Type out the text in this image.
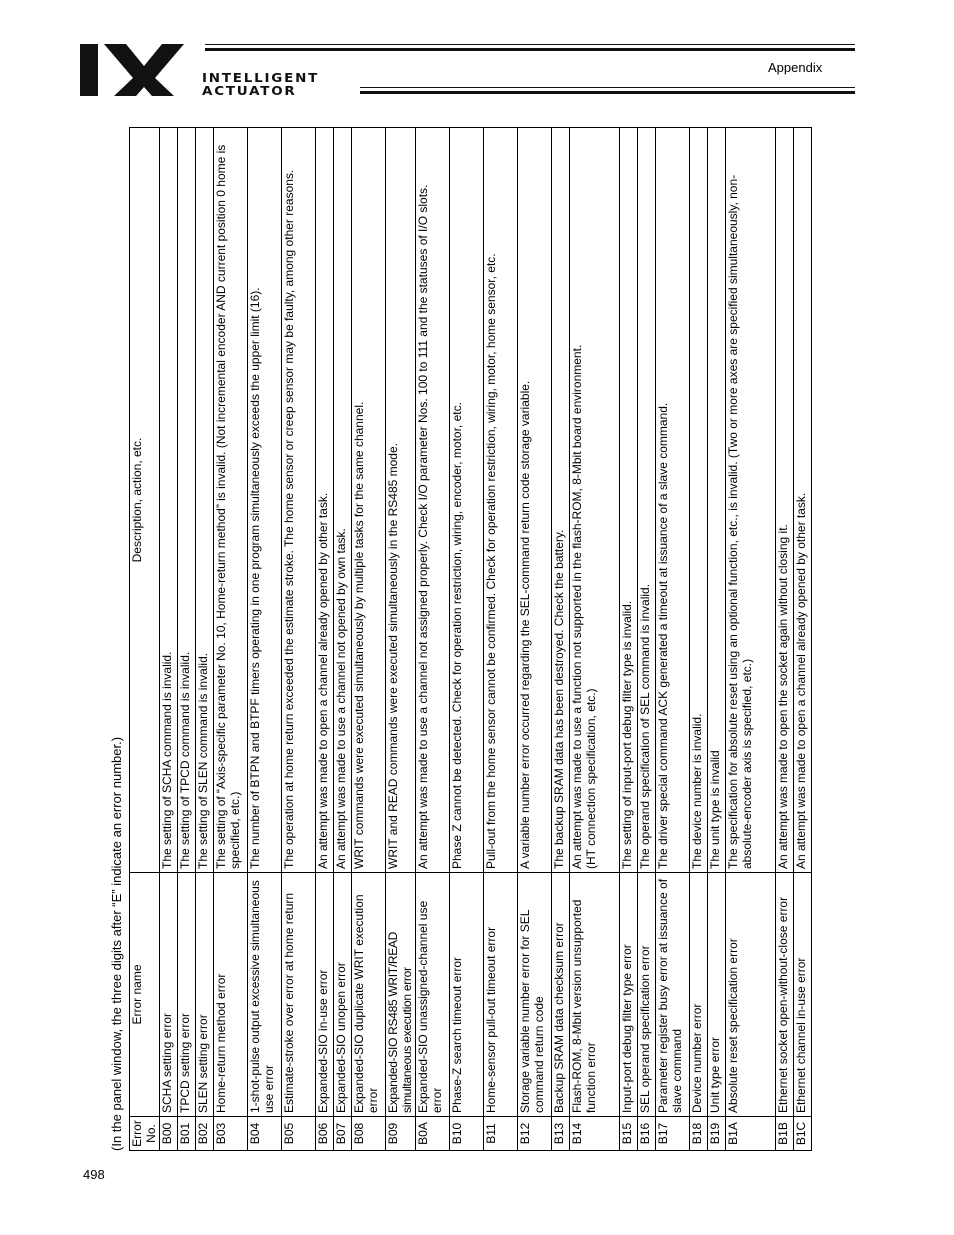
INTELLIGENT
ACTUATOR
Appendix
498
(In the panel window, the three digits after “E” indicate an error number.) Error No.	Error name	Description, action, etc.
B00	SCHA setting error	The setting of SCHA command is invalid.
B01	TPCD setting error	The setting of TPCD command is invalid.
B02	SLEN setting error	The setting of SLEN command is invalid.
B03	Home-return method error	The setting of “Axis-specific parameter No. 10, Home-return method” is invalid. (Not incremental encoder AND current position 0 home is specified, etc.)
B04	1-shot-pulse output excessive simultaneous use error	The number of BTPN and BTPF timers operating in one program simultaneously exceeds the upper limit (16).
B05	Estimate-stroke over error at home return	The operation at home return exceeded the estimate stroke. The home sensor or creep sensor may be faulty, among other reasons.
B06	Expanded-SIO in-use error	An attempt was made to open a channel already opened by other task.
B07	Expanded-SIO unopen error	An attempt was made to use a channel not opened by own task.
B08	Expanded-SIO duplicate WRIT execution error	WRIT commands were executed simultaneously by multiple tasks for the same channel.
B09	Expanded-SIO RS485 WRIT/READ simultaneous execution error	WRIT and READ commands were executed simultaneously in the RS485 mode.
B0A	Expanded-SIO unassigned-channel use error	An attempt was made to use a channel not assigned properly. Check I/O parameter Nos. 100 to 111 and the statuses of I/O slots.
B10	Phase-Z search timeout error	Phase Z cannot be detected. Check for operation restriction, wiring, encoder, motor, etc.
B11	Home-sensor pull-out timeout error	Pull-out from the home sensor cannot be confirmed. Check for operation restriction, wiring, motor, home sensor, etc.
B12	Storage variable number error for SEL command return code	A variable number error occurred regarding the SEL-command return code storage variable.
B13	Backup SRAM data checksum error	The backup SRAM data has been destroyed. Check the battery.
B14	Flash-ROM, 8-Mbit version unsupported function error	An attempt was made to use a function not supported in the flash-ROM, 8-Mbit board environment. (HT connection specification, etc.)

B15	Input-port debug filter type error	The setting of input-port debug filter type is invalid.
B16	SEL operand specification error	The operand specification of SEL command is invalid.
B17	Parameter register busy error at issuance of slave command	The driver special command ACK generated a timeout at issuance of a slave command.
B18	Device number error	The device number is invalid.
B19	Unit type error	The unit type is invalid
B1A	Absolute reset specification error	The specification for absolute reset using an optional function, etc., is invalid. (Two or more axes are specified simultaneously, non-absolute-encoder axis is specified, etc.)
B1B	Ethernet socket open-without-close error	An attempt was made to open the socket again without closing it.
B1C	Ethernet channel in-use error	An attempt was made to open a channel already opened by other task.
